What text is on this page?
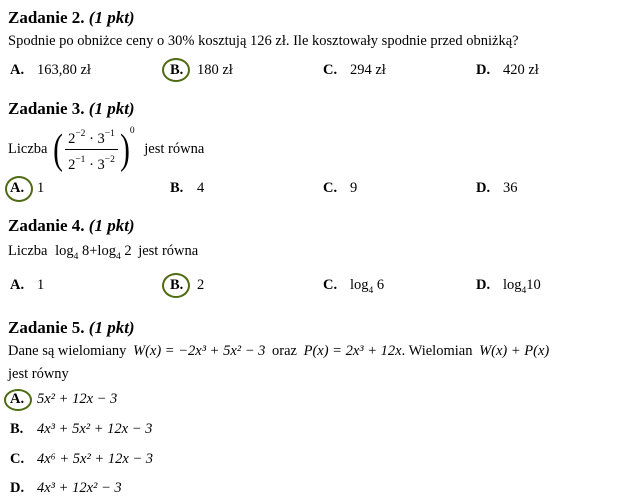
Zadanie 2. (1 pkt)
Spodnie po obniżce ceny o 30% kosztują 126 zł. Ile kosztowały spodnie przed obniżką?
A. 163,80 zł	B. 180 zł	C. 294 zł	D. 420 zł
Zadanie 3. (1 pkt)
Liczba ( $\frac{2^{-2} \cdot 3^{-1}}{2^{-1} \cdot 3^{-2}} )^0$ jest równa
A. 1	B. 4	C. 9	D. 36
Zadanie 4. (1 pkt)
Liczba $\log_4 8+\log_4$ 2 jest równa
A. 1	B. 2	C. $\log_4 6$	D. $\log_410$
Zadanie 5. (1 pkt)
Dane są wielomiany W(x) = −2x³ + 5x² − 3 oraz P(x) = 2x³ + 12x. Wielomian W(x) + P(x)
jest równy
A. 5x² + 12x − 3
B. 4x³ + 5x² + 12x − 3
C. 4x⁶ + 5x² + 12x − 3
D. 4x³ + 12x² − 3
